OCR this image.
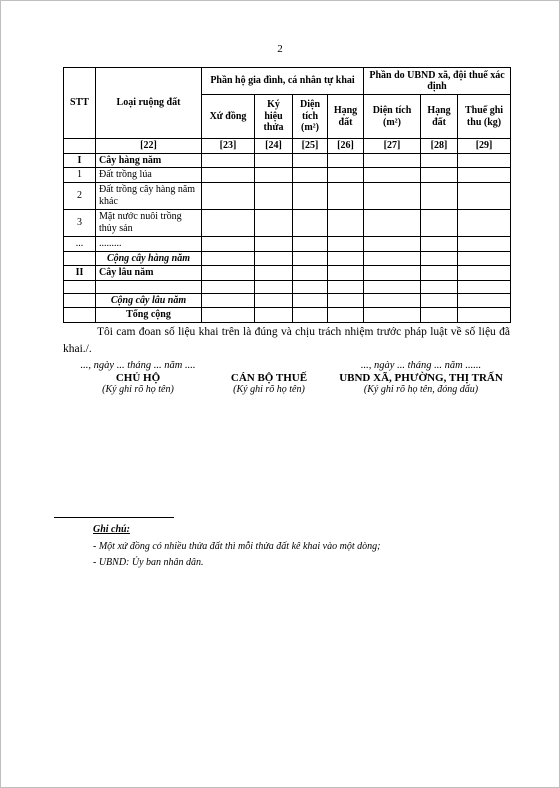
2
STT	Loại ruộng đất	Phần hộ gia đình, cá nhân tự khai				Phần do UBND xã, đội thuế xác định		
		Xứ đồng	Ký hiệu thửa	Diện tích (m²)	Hạng đất	Diện tích (m²)	Hạng đất	Thuế ghi thu (kg)
	[22]	[23]	[24]	[25]	[26]	[27]	[28]	[29]
I	Cây hàng năm							
1	Đất trồng lúa							
2	Đất trồng cây hàng năm khác							
3	Mặt nước nuôi trồng thủy sản							
...	.........							
	Cộng cây hàng năm							
II	Cây lâu năm							

	Cộng cây lâu năm							
	Tổng cộng							

Tôi cam đoan số liệu khai trên là đúng và chịu trách nhiệm trước pháp luật về số liệu đã khai./.

..., ngày ... tháng ... năm ....
CHỦ HỘ
(Ký ghi rõ họ tên)

CÁN BỘ THUẾ
(Ký ghi rõ họ tên)
..., ngày ... tháng ... năm ......
UBND XÃ, PHƯỜNG, THỊ TRẤN
(Ký ghi rõ họ tên, đóng dấu)
Ghi chú:
- Một xứ đồng có nhiều thửa đất thì mỗi thửa đất kê khai vào một dòng;
- UBND: Ủy ban nhân dân.
